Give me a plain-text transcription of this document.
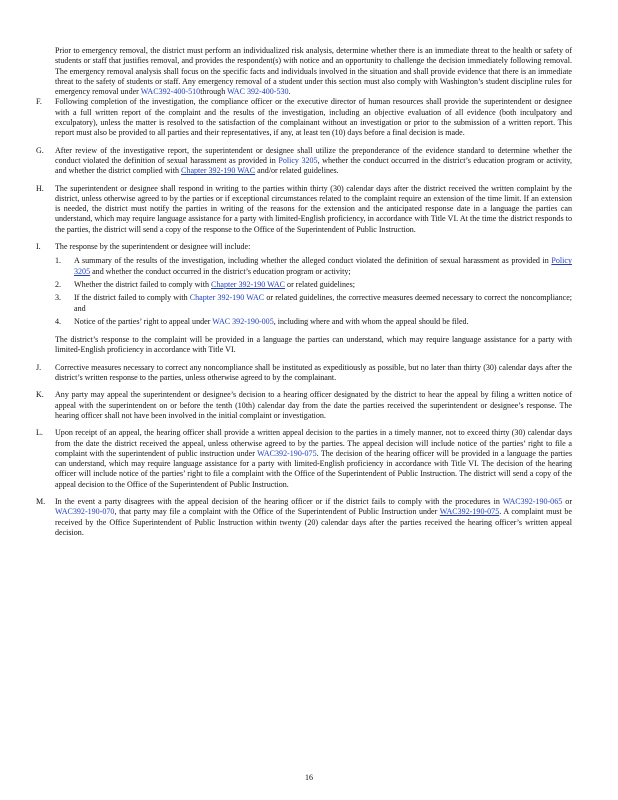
Prior to emergency removal, the district must perform an individualized risk analysis, determine whether there is an immediate threat to the health or safety of students or staff that justifies removal, and provides the respondent(s) with notice and an opportunity to challenge the decision immediately following removal. The emergency removal analysis shall focus on the specific facts and individuals involved in the situation and shall provide evidence that there is an immediate threat to the safety of students or staff. Any emergency removal of a student under this section must also comply with Washington’s student discipline rules for emergency removal under WAC392-400-510through WAC 392-400-530.

F.	Following completion of the investigation, the compliance officer or the executive director of human resources shall provide the superintendent or designee with a full written report of the complaint and the results of the investigation, including an objective evaluation of all evidence (both inculpatory and exculpatory), unless the matter is resolved to the satisfaction of the complainant without an investigation or prior to the submission of a written report. This report must also be provided to all parties and their representatives, if any, at least ten (10) days before a final decision is made.

G.	After review of the investigative report, the superintendent or designee shall utilize the preponderance of the evidence standard to determine whether the conduct violated the definition of sexual harassment as provided in Policy 3205, whether the conduct occurred in the district’s education program or activity, and whether the district complied with Chapter 392-190 WAC and/or related guidelines.

H.	The superintendent or designee shall respond in writing to the parties within thirty (30) calendar days after the district received the written complaint by the district, unless otherwise agreed to by the parties or if exceptional circumstances related to the complaint require an extension of the time limit. If an extension is needed, the district must notify the parties in writing of the reasons for the extension and the anticipated response date in a language the parties can understand, which may require language assistance for a party with limited-English proficiency, in accordance with Title VI. At the time the district responds to the parties, the district will send a copy of the response to the Office of the Superintendent of Public Instruction.

I.	The response by the superintendent or designee will include:

1.	A summary of the results of the investigation, including whether the alleged conduct violated the definition of sexual harassment as provided in Policy 3205 and whether the conduct occurred in the district’s education program or activity;
2.	Whether the district failed to comply with Chapter 392-190 WAC or related guidelines;
3.	If the district failed to comply with Chapter 392-190 WAC or related guidelines, the corrective measures deemed necessary to correct the noncompliance; and
4.	Notice of the parties’ right to appeal under WAC 392-190-005, including where and with whom the appeal should be filed.

The district’s response to the complaint will be provided in a language the parties can understand, which may require language assistance for a party with limited-English proficiency in accordance with Title VI.

J.	Corrective measures necessary to correct any noncompliance shall be instituted as expeditiously as possible, but no later than thirty (30) calendar days after the district’s written response to the parties, unless otherwise agreed to by the complainant.

K.	Any party may appeal the superintendent or designee’s decision to a hearing officer designated by the district to hear the appeal by filing a written notice of appeal with the superintendent on or before the tenth (10th) calendar day from the date the parties received the superintendent or designee’s response. The hearing officer shall not have been involved in the initial complaint or investigation.

L.	Upon receipt of an appeal, the hearing officer shall provide a written appeal decision to the parties in a timely manner, not to exceed thirty (30) calendar days from the date the district received the appeal, unless otherwise agreed to by the parties. The appeal decision will include notice of the parties’ right to file a complaint with the superintendent of public instruction under WAC392-190-075. The decision of the hearing officer will be provided in a language the parties can understand, which may require language assistance for a party with limited-English proficiency in accordance with Title VI. The decision of the hearing officer will include notice of the parties’ right to file a complaint with the Office of the Superintendent of Public Instruction. The district will send a copy of the appeal decision to the Office of the Superintendent of Public Instruction.

M.	In the event a party disagrees with the appeal decision of the hearing officer or if the district fails to comply with the procedures in WAC392-190-065 or WAC392-190-070, that party may file a complaint with the Office of the Superintendent of Public Instruction under WAC392-190-075. A complaint must be received by the Office Superintendent of Public Instruction within twenty (20) calendar days after the parties received the hearing officer’s written appeal decision.

16
